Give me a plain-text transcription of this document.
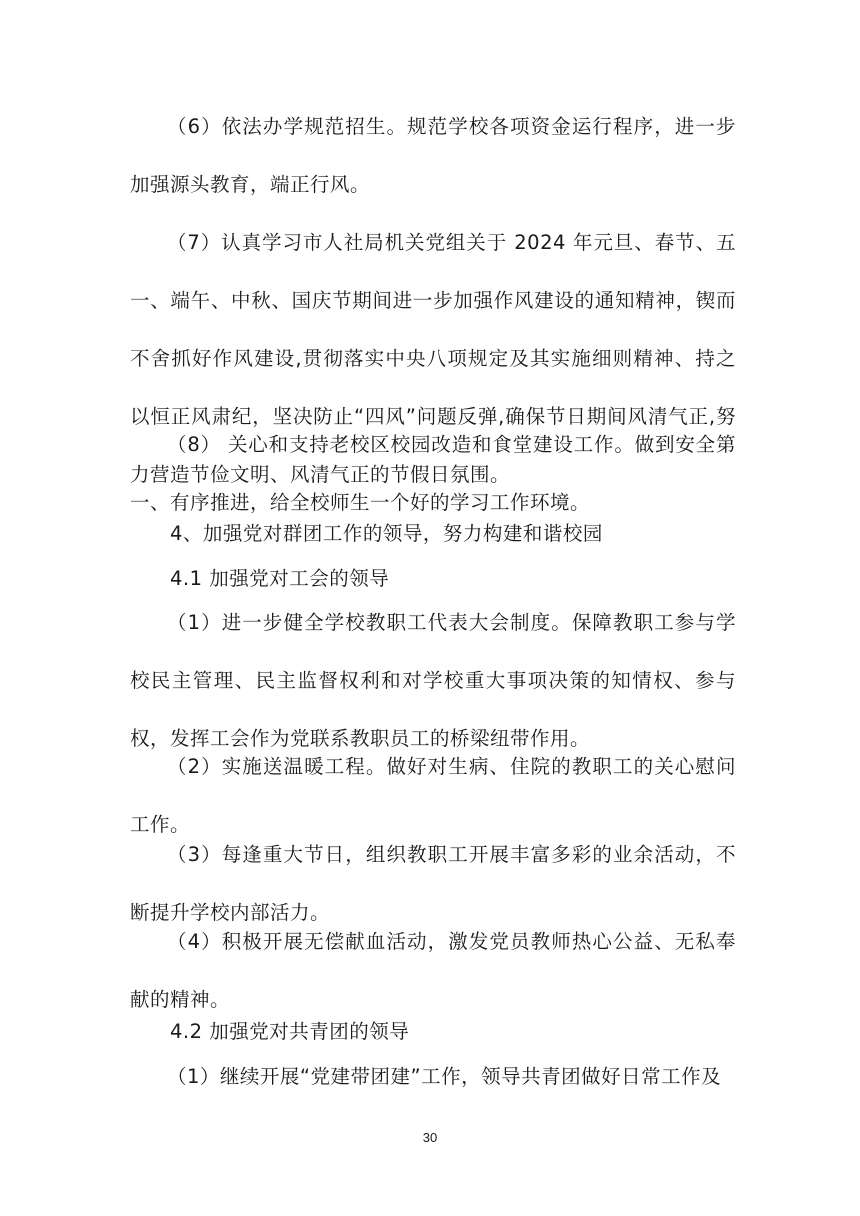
（6）依法办学规范招生。规范学校各项资金运行程序，进一步加强源头教育，端正行风。

（7）认真学习市人社局机关党组关于 2024 年元旦、春节、五一、端午、中秋、国庆节期间进一步加强作风建设的通知精神，锲而不舍抓好作风建设,贯彻落实中央八项规定及其实施细则精神、持之以恒正风肃纪，坚决防止“四风”问题反弹,确保节日期间风清气正,努力营造节俭文明、风清气正的节假日氛围。

（8） 关心和支持老校区校园改造和食堂建设工作。做到安全第一、有序推进，给全校师生一个好的学习工作环境。

4、加强党对群团工作的领导，努力构建和谐校园

4.1 加强党对工会的领导

（1）进一步健全学校教职工代表大会制度。保障教职工参与学校民主管理、民主监督权利和对学校重大事项决策的知情权、参与权，发挥工会作为党联系教职员工的桥梁纽带作用。

（2）实施送温暖工程。做好对生病、住院的教职工的关心慰问工作。

（3）每逢重大节日，组织教职工开展丰富多彩的业余活动，不断提升学校内部活力。

（4）积极开展无偿献血活动，激发党员教师热心公益、无私奉献的精神。

4.2 加强党对共青团的领导

（1）继续开展“党建带团建”工作，领导共青团做好日常工作及

30
